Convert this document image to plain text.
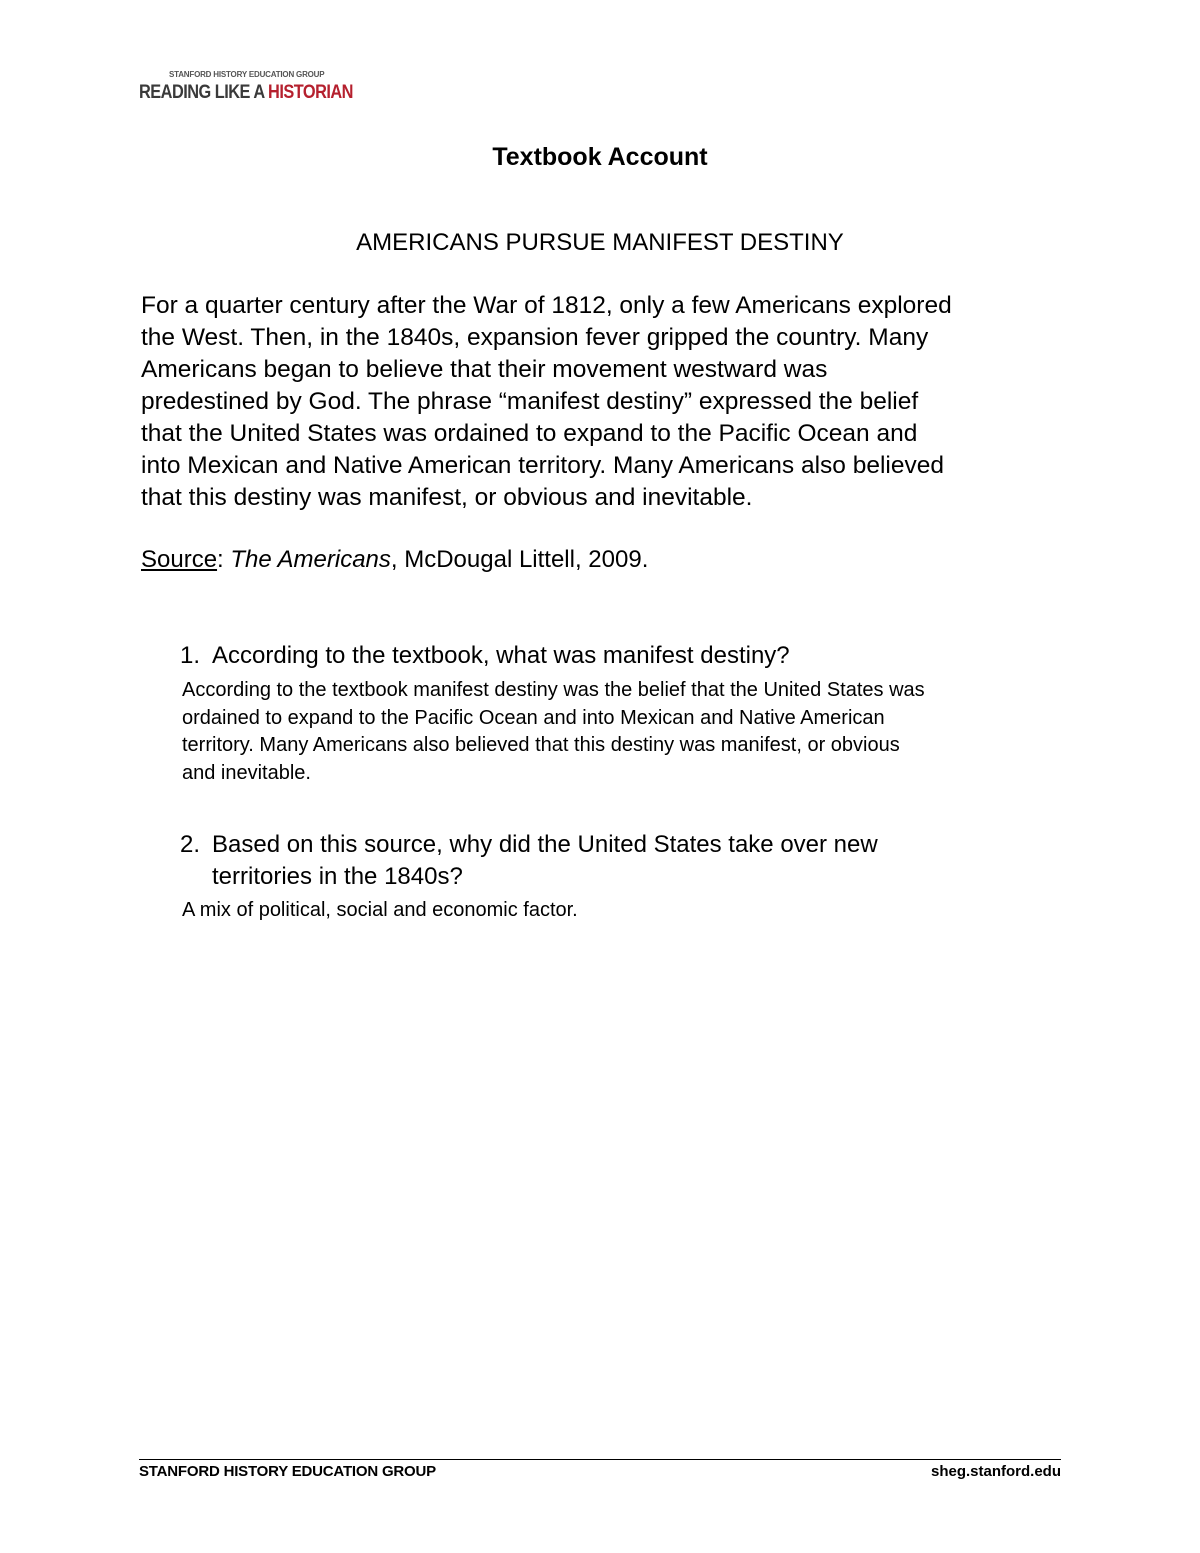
STANFORD HISTORY EDUCATION GROUP
READING LIKE A HISTORIAN
Textbook Account
AMERICANS PURSUE MANIFEST DESTINY
For a quarter century after the War of 1812, only a few Americans explored
the West. Then, in the 1840s, expansion fever gripped the country. Many
Americans began to believe that their movement westward was
predestined by God. The phrase “manifest destiny” expressed the belief
that the United States was ordained to expand to the Pacific Ocean and
into Mexican and Native American territory. Many Americans also believed
that this destiny was manifest, or obvious and inevitable.
Source: The Americans, McDougal Littell, 2009.
1. According to the textbook, what was manifest destiny?
According to the textbook manifest destiny was the belief that the United States was
ordained to expand to the Pacific Ocean and into Mexican and Native American
territory. Many Americans also believed that this destiny was manifest, or obvious
and inevitable.
2. Based on this source, why did the United States take over new
territories in the 1840s?
A mix of political, social and economic factor.
STANFORD HISTORY EDUCATION GROUP	sheg.stanford.edu
